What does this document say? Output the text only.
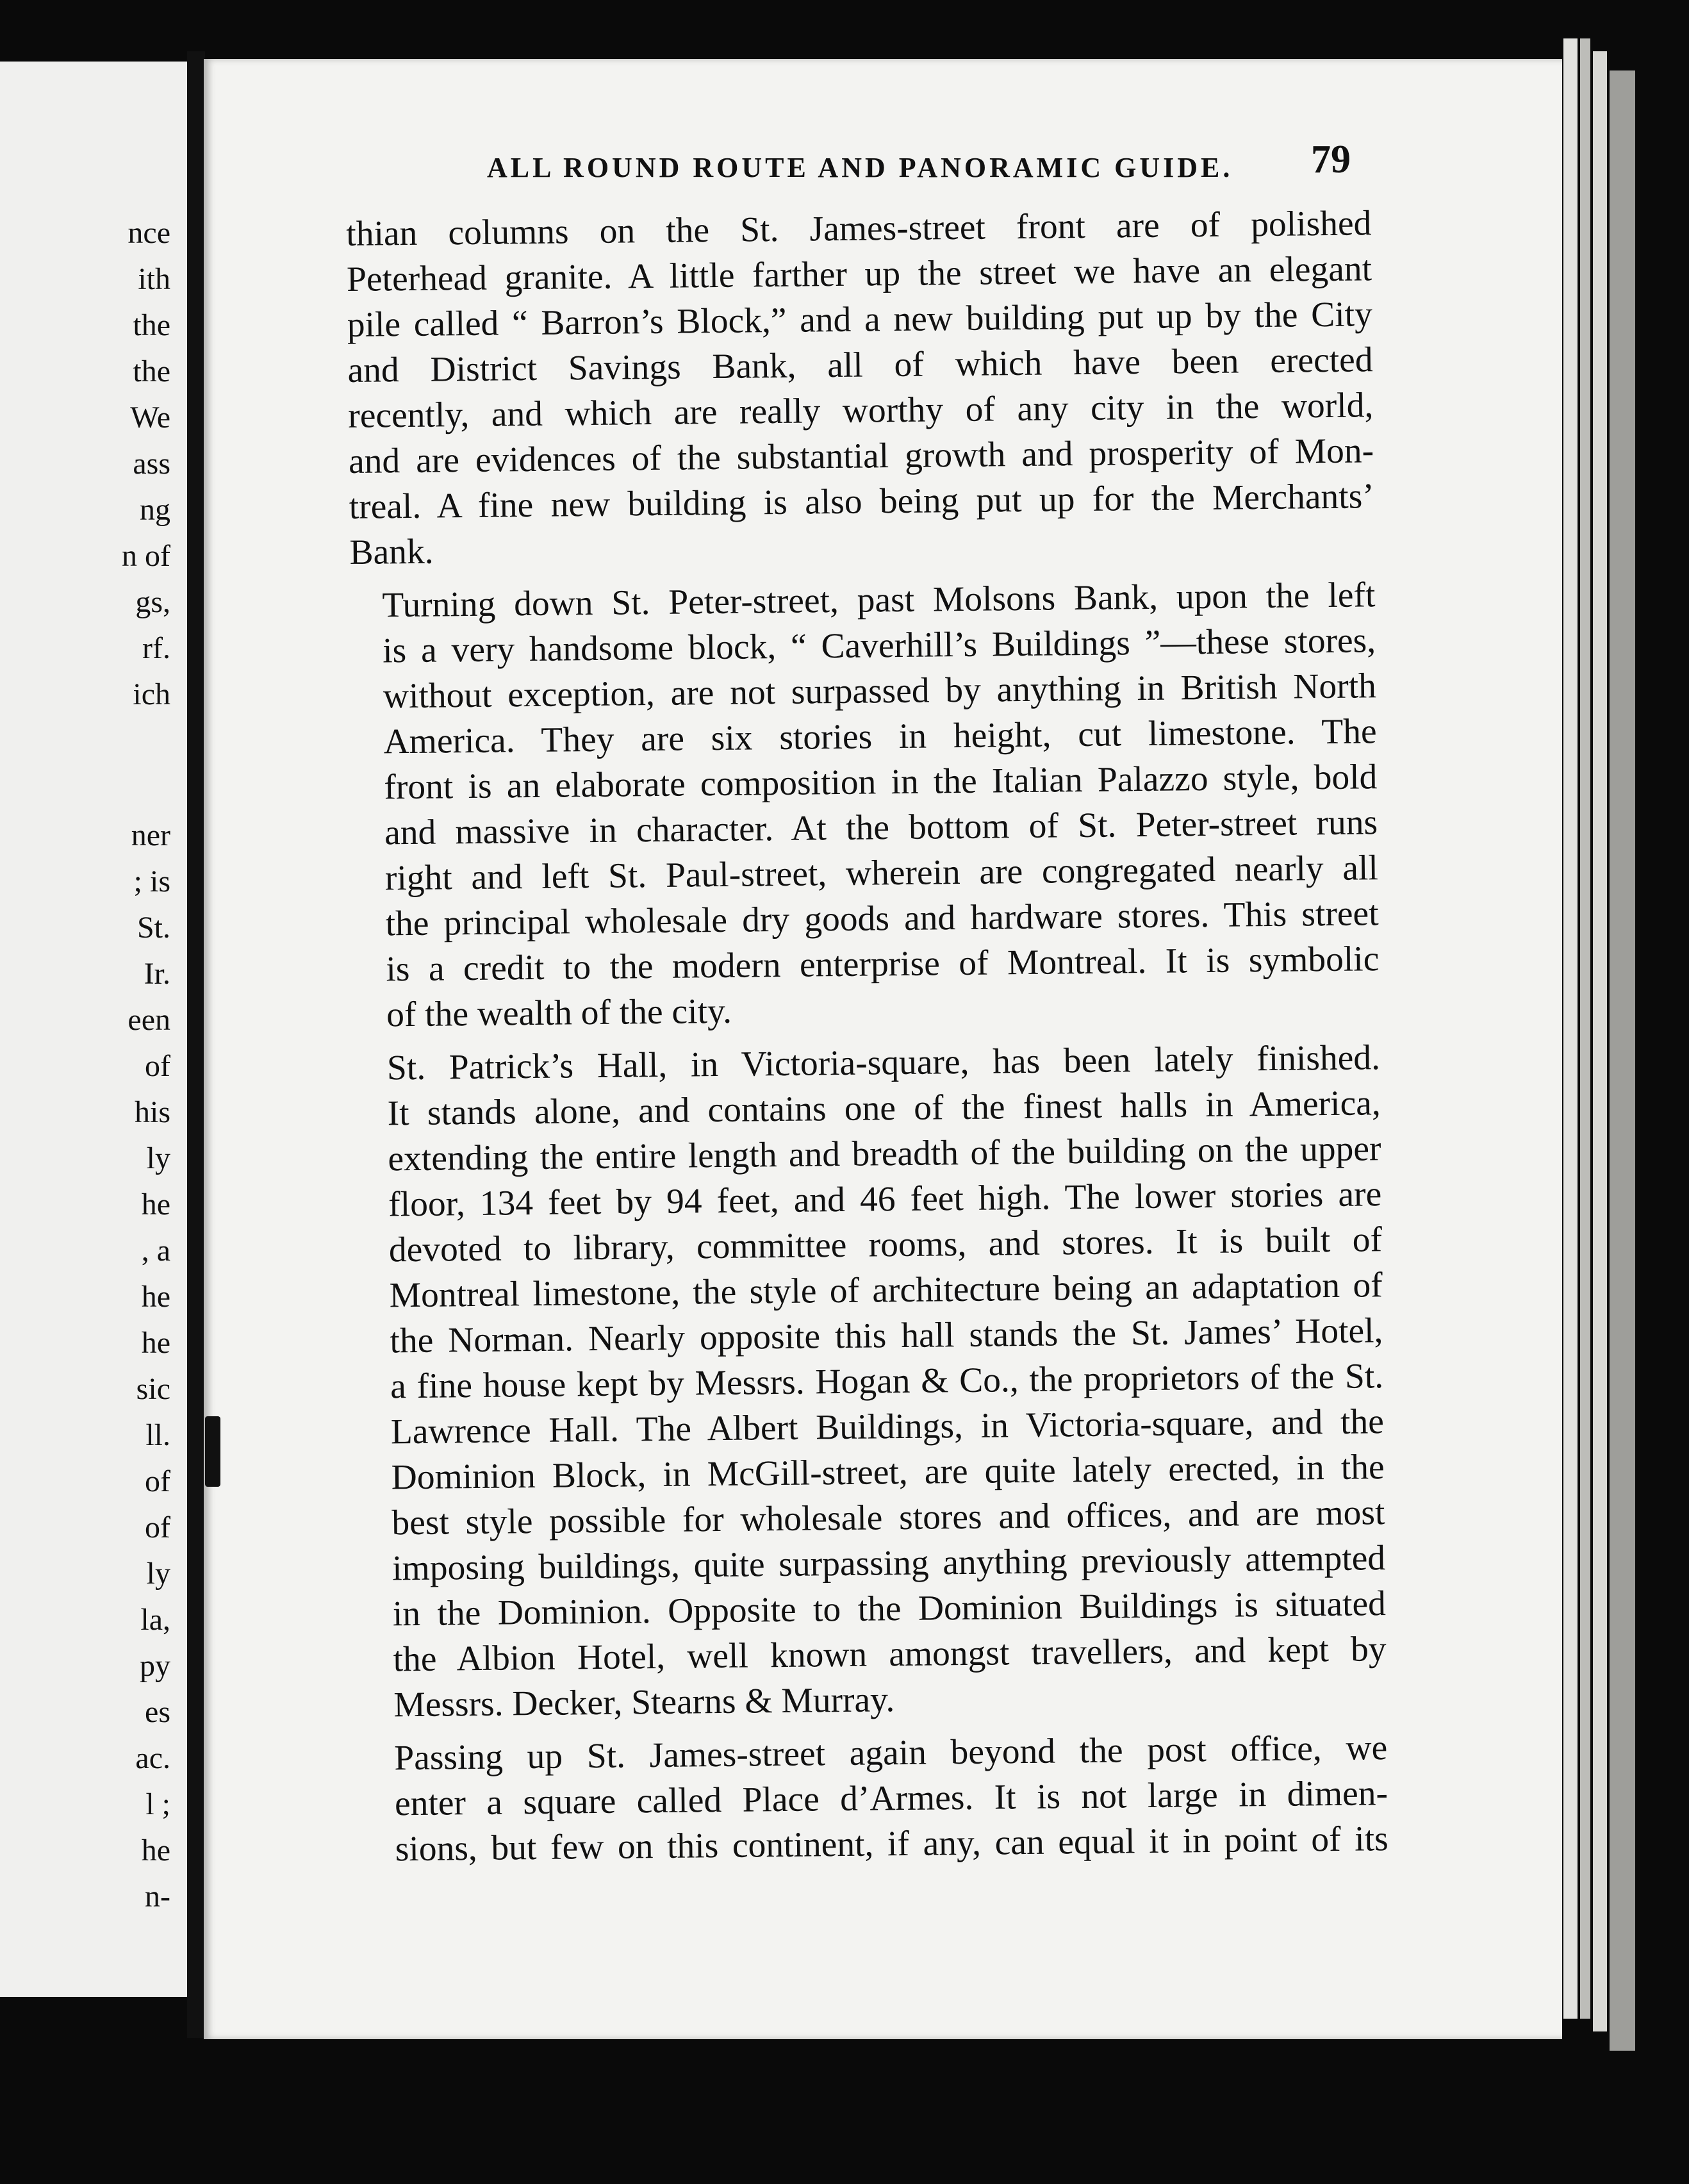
nce
ith
the
the
We
ass
ng
n of
gs,
rf.
ich
ner
; is
St.
Ir.
een
of
his
ly
he
, a
he
he
sic
ll.
of
of
ly
la,
py
es
ac.
l ;
he
n-
ALL ROUND ROUTE AND PANORAMIC GUIDE. 79

thian columns on the St. James-street front are of polished
Peterhead granite. A little farther up the street we have an elegant
pile called “ Barron’s Block,” and a new building put up by the City
and District Savings Bank, all of which have been erected
recently, and which are really worthy of any city in the world,
and are evidences of the substantial growth and prosperity of Mon-
treal. A fine new building is also being put up for the Merchants’
Bank.

Turning down St. Peter-street, past Molsons Bank, upon the left
is a very handsome block, “ Caverhill’s Buildings ”—these stores,
without exception, are not surpassed by anything in British North
America. They are six stories in height, cut limestone. The
front is an elaborate composition in the Italian Palazzo style, bold
and massive in character. At the bottom of St. Peter-street runs
right and left St. Paul-street, wherein are congregated nearly all
the principal wholesale dry goods and hardware stores. This street
is a credit to the modern enterprise of Montreal. It is symbolic
of the wealth of the city.

St. Patrick’s Hall, in Victoria-square, has been lately finished.
It stands alone, and contains one of the finest halls in America,
extending the entire length and breadth of the building on the upper
floor, 134 feet by 94 feet, and 46 feet high. The lower stories are
devoted to library, committee rooms, and stores. It is built of
Montreal limestone, the style of architecture being an adaptation of
the Norman. Nearly opposite this hall stands the St. James’ Hotel,
a fine house kept by Messrs. Hogan & Co., the proprietors of the St.
Lawrence Hall. The Albert Buildings, in Victoria-square, and the
Dominion Block, in McGill-street, are quite lately erected, in the
best style possible for wholesale stores and offices, and are most
imposing buildings, quite surpassing anything previously attempted
in the Dominion. Opposite to the Dominion Buildings is situated
the Albion Hotel, well known amongst travellers, and kept by
Messrs. Decker, Stearns & Murray.

Passing up St. James-street again beyond the post office, we
enter a square called Place d’Armes. It is not large in dimen-
sions, but few on this continent, if any, can equal it in point of its
